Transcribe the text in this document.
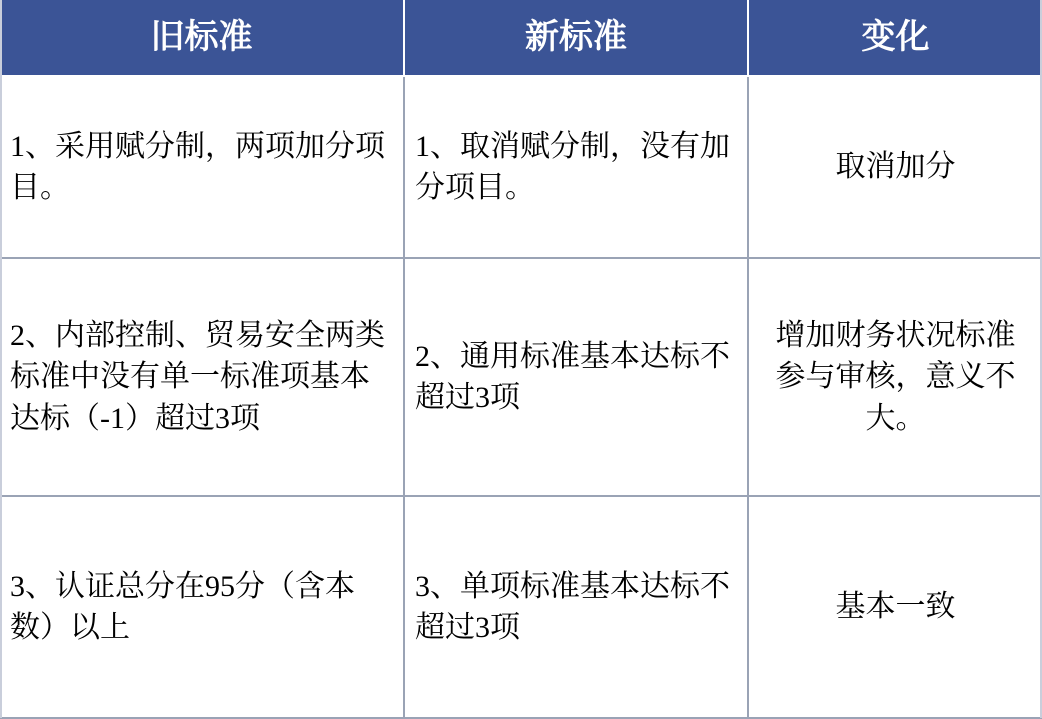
旧标准	新标准	变化
1、采用赋分制，两项加分项目。	1、取消赋分制，没有加分项目。	取消加分
2、内部控制、贸易安全两类标准中没有单一标准项基本达标（-1）超过3项	2、通用标准基本达标不超过3项	增加财务状况标准参与审核，意义不大。
3、认证总分在95分（含本数）以上	3、单项标准基本达标不超过3项	基本一致
